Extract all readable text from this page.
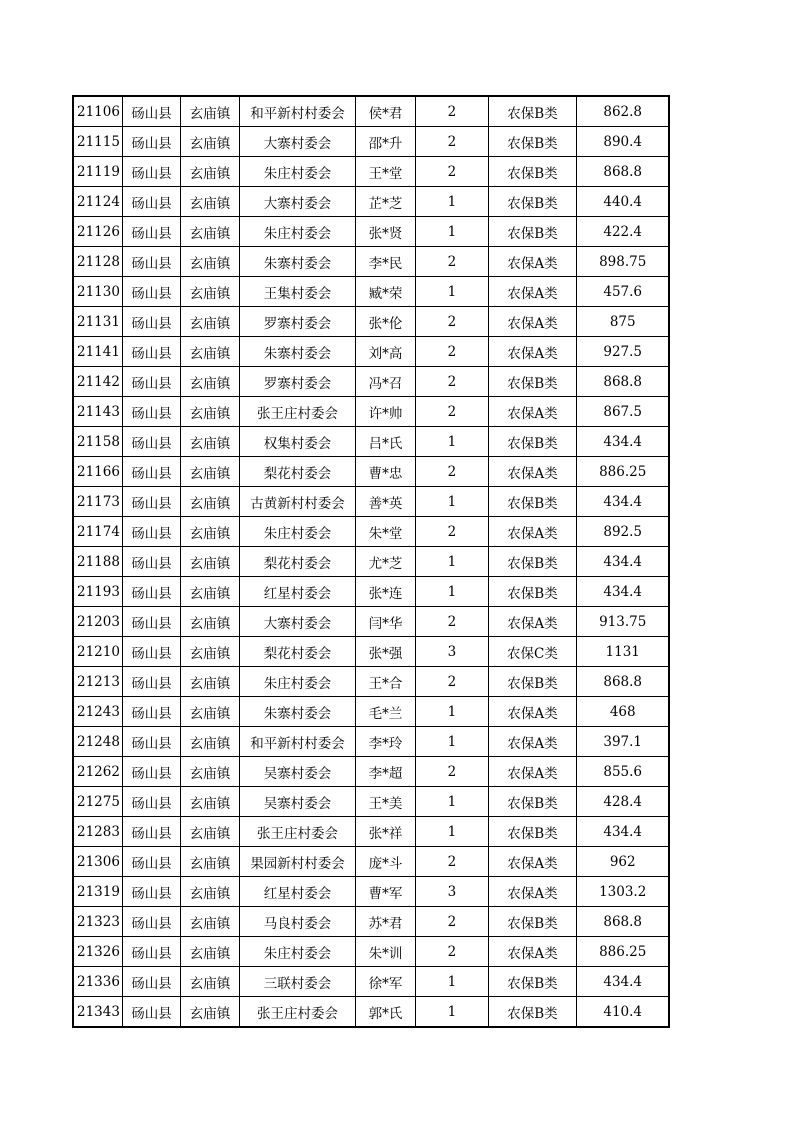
21106	砀山县	玄庙镇	和平新村村委会	侯*君	2	农保B类	862.8
21115	砀山县	玄庙镇	大寨村委会	邵*升	2	农保B类	890.4
21119	砀山县	玄庙镇	朱庄村委会	王*堂	2	农保B类	868.8
21124	砀山县	玄庙镇	大寨村委会	芷*芝	1	农保B类	440.4
21126	砀山县	玄庙镇	朱庄村委会	张*贤	1	农保B类	422.4
21128	砀山县	玄庙镇	朱寨村委会	李*民	2	农保A类	898.75
21130	砀山县	玄庙镇	王集村委会	臧*荣	1	农保A类	457.6
21131	砀山县	玄庙镇	罗寨村委会	张*伦	2	农保A类	875
21141	砀山县	玄庙镇	朱寨村委会	刘*高	2	农保A类	927.5
21142	砀山县	玄庙镇	罗寨村委会	冯*召	2	农保B类	868.8
21143	砀山县	玄庙镇	张王庄村委会	许*帅	2	农保A类	867.5
21158	砀山县	玄庙镇	权集村委会	吕*氏	1	农保B类	434.4
21166	砀山县	玄庙镇	梨花村委会	曹*忠	2	农保A类	886.25
21173	砀山县	玄庙镇	古黄新村村委会	善*英	1	农保B类	434.4
21174	砀山县	玄庙镇	朱庄村委会	朱*堂	2	农保A类	892.5
21188	砀山县	玄庙镇	梨花村委会	尤*芝	1	农保B类	434.4
21193	砀山县	玄庙镇	红星村委会	张*连	1	农保B类	434.4
21203	砀山县	玄庙镇	大寨村委会	闫*华	2	农保A类	913.75
21210	砀山县	玄庙镇	梨花村委会	张*强	3	农保C类	1131
21213	砀山县	玄庙镇	朱庄村委会	王*合	2	农保B类	868.8
21243	砀山县	玄庙镇	朱寨村委会	毛*兰	1	农保A类	468
21248	砀山县	玄庙镇	和平新村村委会	李*玲	1	农保A类	397.1
21262	砀山县	玄庙镇	吴寨村委会	李*超	2	农保A类	855.6
21275	砀山县	玄庙镇	吴寨村委会	王*美	1	农保B类	428.4
21283	砀山县	玄庙镇	张王庄村委会	张*祥	1	农保B类	434.4
21306	砀山县	玄庙镇	果园新村村委会	庞*斗	2	农保A类	962
21319	砀山县	玄庙镇	红星村委会	曹*军	3	农保A类	1303.2
21323	砀山县	玄庙镇	马良村委会	苏*君	2	农保B类	868.8
21326	砀山县	玄庙镇	朱庄村委会	朱*训	2	农保A类	886.25
21336	砀山县	玄庙镇	三联村委会	徐*军	1	农保B类	434.4
21343	砀山县	玄庙镇	张王庄村委会	郭*氏	1	农保B类	410.4
